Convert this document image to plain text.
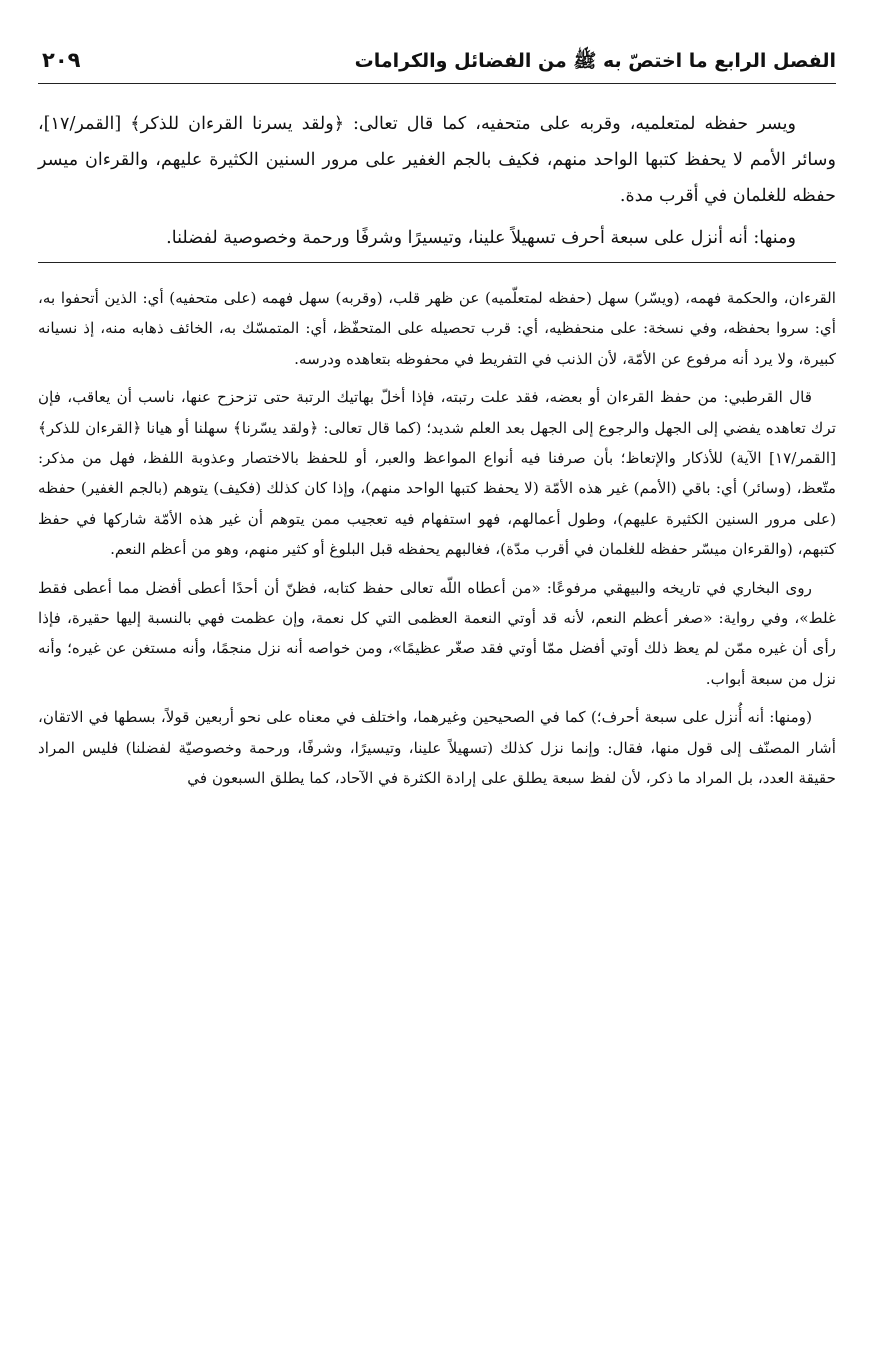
الفصل الرابع ما اختصّ به ﷺ من الفضائل والكرامات
٢٠٩

ويسر حفظه لمتعلميه، وقربه على متحفيه، كما قال تعالى: ﴿ولقد يسرنا القرءان للذكر﴾ [القمر/١٧]، وسائر الأمم لا يحفظ كتبها الواحد منهم، فكيف بالجم الغفير على مرور السنين الكثيرة عليهم، والقرءان ميسر حفظه للغلمان في أقرب مدة.

ومنها: أنه أنزل على سبعة أحرف تسهيلاً علينا، وتيسيرًا وشرفًا ورحمة وخصوصية لفضلنا.

القرءان، والحكمة فهمه، (ويسّر) سهل (حفظه لمتعلّميه) عن ظهر قلب، (وقربه) سهل فهمه (على متحفيه) أي: الذين أتحفوا به، أي: سروا بحفظه، وفي نسخة: على منحفظيه، أي: قرب تحصيله على المتحفّظ، أي: المتمسّك به، الخائف ذهابه منه، إذ نسيانه كبيرة، ولا يرد أنه مرفوع عن الأمّة، لأن الذنب في التفريط في محفوظه بتعاهده ودرسه.

قال القرطبي: من حفظ القرءان أو بعضه، فقد علت رتبته، فإذا أخلّ بهاتيك الرتبة حتى تزحزح عنها، ناسب أن يعاقب، فإن ترك تعاهده يفضي إلى الجهل والرجوع إلى الجهل بعد العلم شديد؛ (كما قال تعالى: ﴿ولقد يسّرنا﴾ سهلنا أو هيانا ﴿القرءان للذكر﴾ [القمر/١٧] الآية) للأذكار والإتعاظ؛ بأن صرفنا فيه أنواع المواعظ والعبر، أو للحفظ بالاختصار وعذوبة اللفظ، فهل من مذكر: متّعظ، (وسائر) أي: باقي (الأمم) غير هذه الأمّة (لا يحفظ كتبها الواحد منهم)، وإذا كان كذلك (فكيف) يتوهم (بالجم الغفير) حفظه (على مرور السنين الكثيرة عليهم)، وطول أعمالهم، فهو استفهام فيه تعجيب ممن يتوهم أن غير هذه الأمّة شاركها في حفظ كتبهم، (والقرءان ميسّر حفظه للغلمان في أقرب مدّة)، فغالبهم يحفظه قبل البلوغ أو كثير منهم، وهو من أعظم النعم.

روى البخاري في تاريخه والبيهقي مرفوعًا: «من أعطاه اللّه تعالى حفظ كتابه، فظنّ أن أحدًا أعطى أفضل مما أعطى فقط غلط»، وفي رواية: «صغر أعظم النعم، لأنه قد أوتي النعمة العظمى التي كل نعمة، وإن عظمت فهي بالنسبة إليها حقيرة، فإذا رأى أن غيره ممّن لم يعظ ذلك أوتي أفضل ممّا أوتي فقد صغّر عظيمًا»، ومن خواصه أنه نزل منجمًا، وأنه مستغن عن غيره؛ وأنه نزل من سبعة أبواب.

(ومنها: أنه أُنزل على سبعة أحرف؛) كما في الصحيحين وغيرهما، واختلف في معناه على نحو أربعين قولاً، بسطها في الاتقان، أشار المصنّف إلى قول منها، فقال: وإنما نزل كذلك (تسهيلاً علينا، وتيسيرًا، وشرفًا، ورحمة وخصوصيّة لفضلنا) فليس المراد حقيقة العدد، بل المراد ما ذكر، لأن لفظ سبعة يطلق على إرادة الكثرة في الآحاد، كما يطلق السبعون في
